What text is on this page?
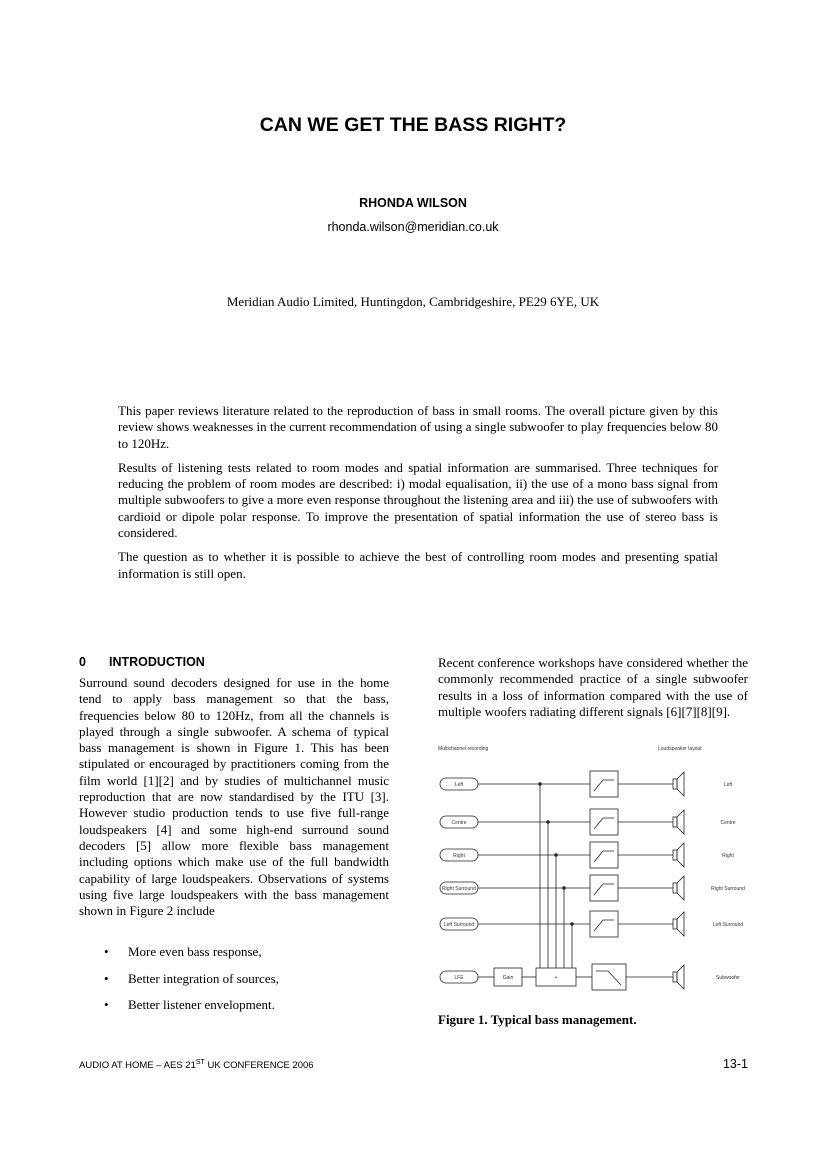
CAN WE GET THE BASS RIGHT?
RHONDA WILSON
rhonda.wilson@meridian.co.uk
Meridian Audio Limited, Huntingdon, Cambridgeshire, PE29 6YE, UK

This paper reviews literature related to the reproduction of bass in small rooms. The overall picture given by this review shows weaknesses in the current recommendation of using a single subwoofer to play frequencies below 80 to 120Hz.

Results of listening tests related to room modes and spatial information are summarised. Three techniques for reducing the problem of room modes are described: i) modal equalisation, ii) the use of a mono bass signal from multiple subwoofers to give a more even response throughout the listening area and iii) the use of subwoofers with cardioid or dipole polar response. To improve the presentation of spatial information the use of stereo bass is considered.

The question as to whether it is possible to achieve the best of controlling room modes and presenting spatial information is still open.

0 INTRODUCTION
Surround sound decoders designed for use in the home tend to apply bass management so that the bass, frequencies below 80 to 120Hz, from all the channels is played through a single subwoofer. A schema of typical bass management is shown in Figure 1. This has been stipulated or encouraged by practitioners coming from the film world [1][2] and by studies of multichannel music reproduction that are now standardised by the ITU [3]. However studio production tends to use five full-range loudspeakers [4] and some high-end surround sound decoders [5] allow more flexible bass management including options which make use of the full bandwidth capability of large loudspeakers. Observations of systems using five large loudspeakers with the bass management shown in Figure 2 include
• More even bass response,
• Better integration of sources,
• Better listener envelopment.
Recent conference workshops have considered whether the commonly recommended practice of a single subwoofer results in a loss of information compared with the use of multiple woofers radiating different signals [6][7][8][9].
Multichannel recording	Loudspeaker layout
Left	Left
Centre	Centre
Right	Right
Right Surround	Right Surround
Left Surround	Left Surround
LFE	Gain	+	Subwoofer
Figure 1. Typical bass management.
AUDIO AT HOME – AES 21ST UK CONFERENCE 2006	13-1
